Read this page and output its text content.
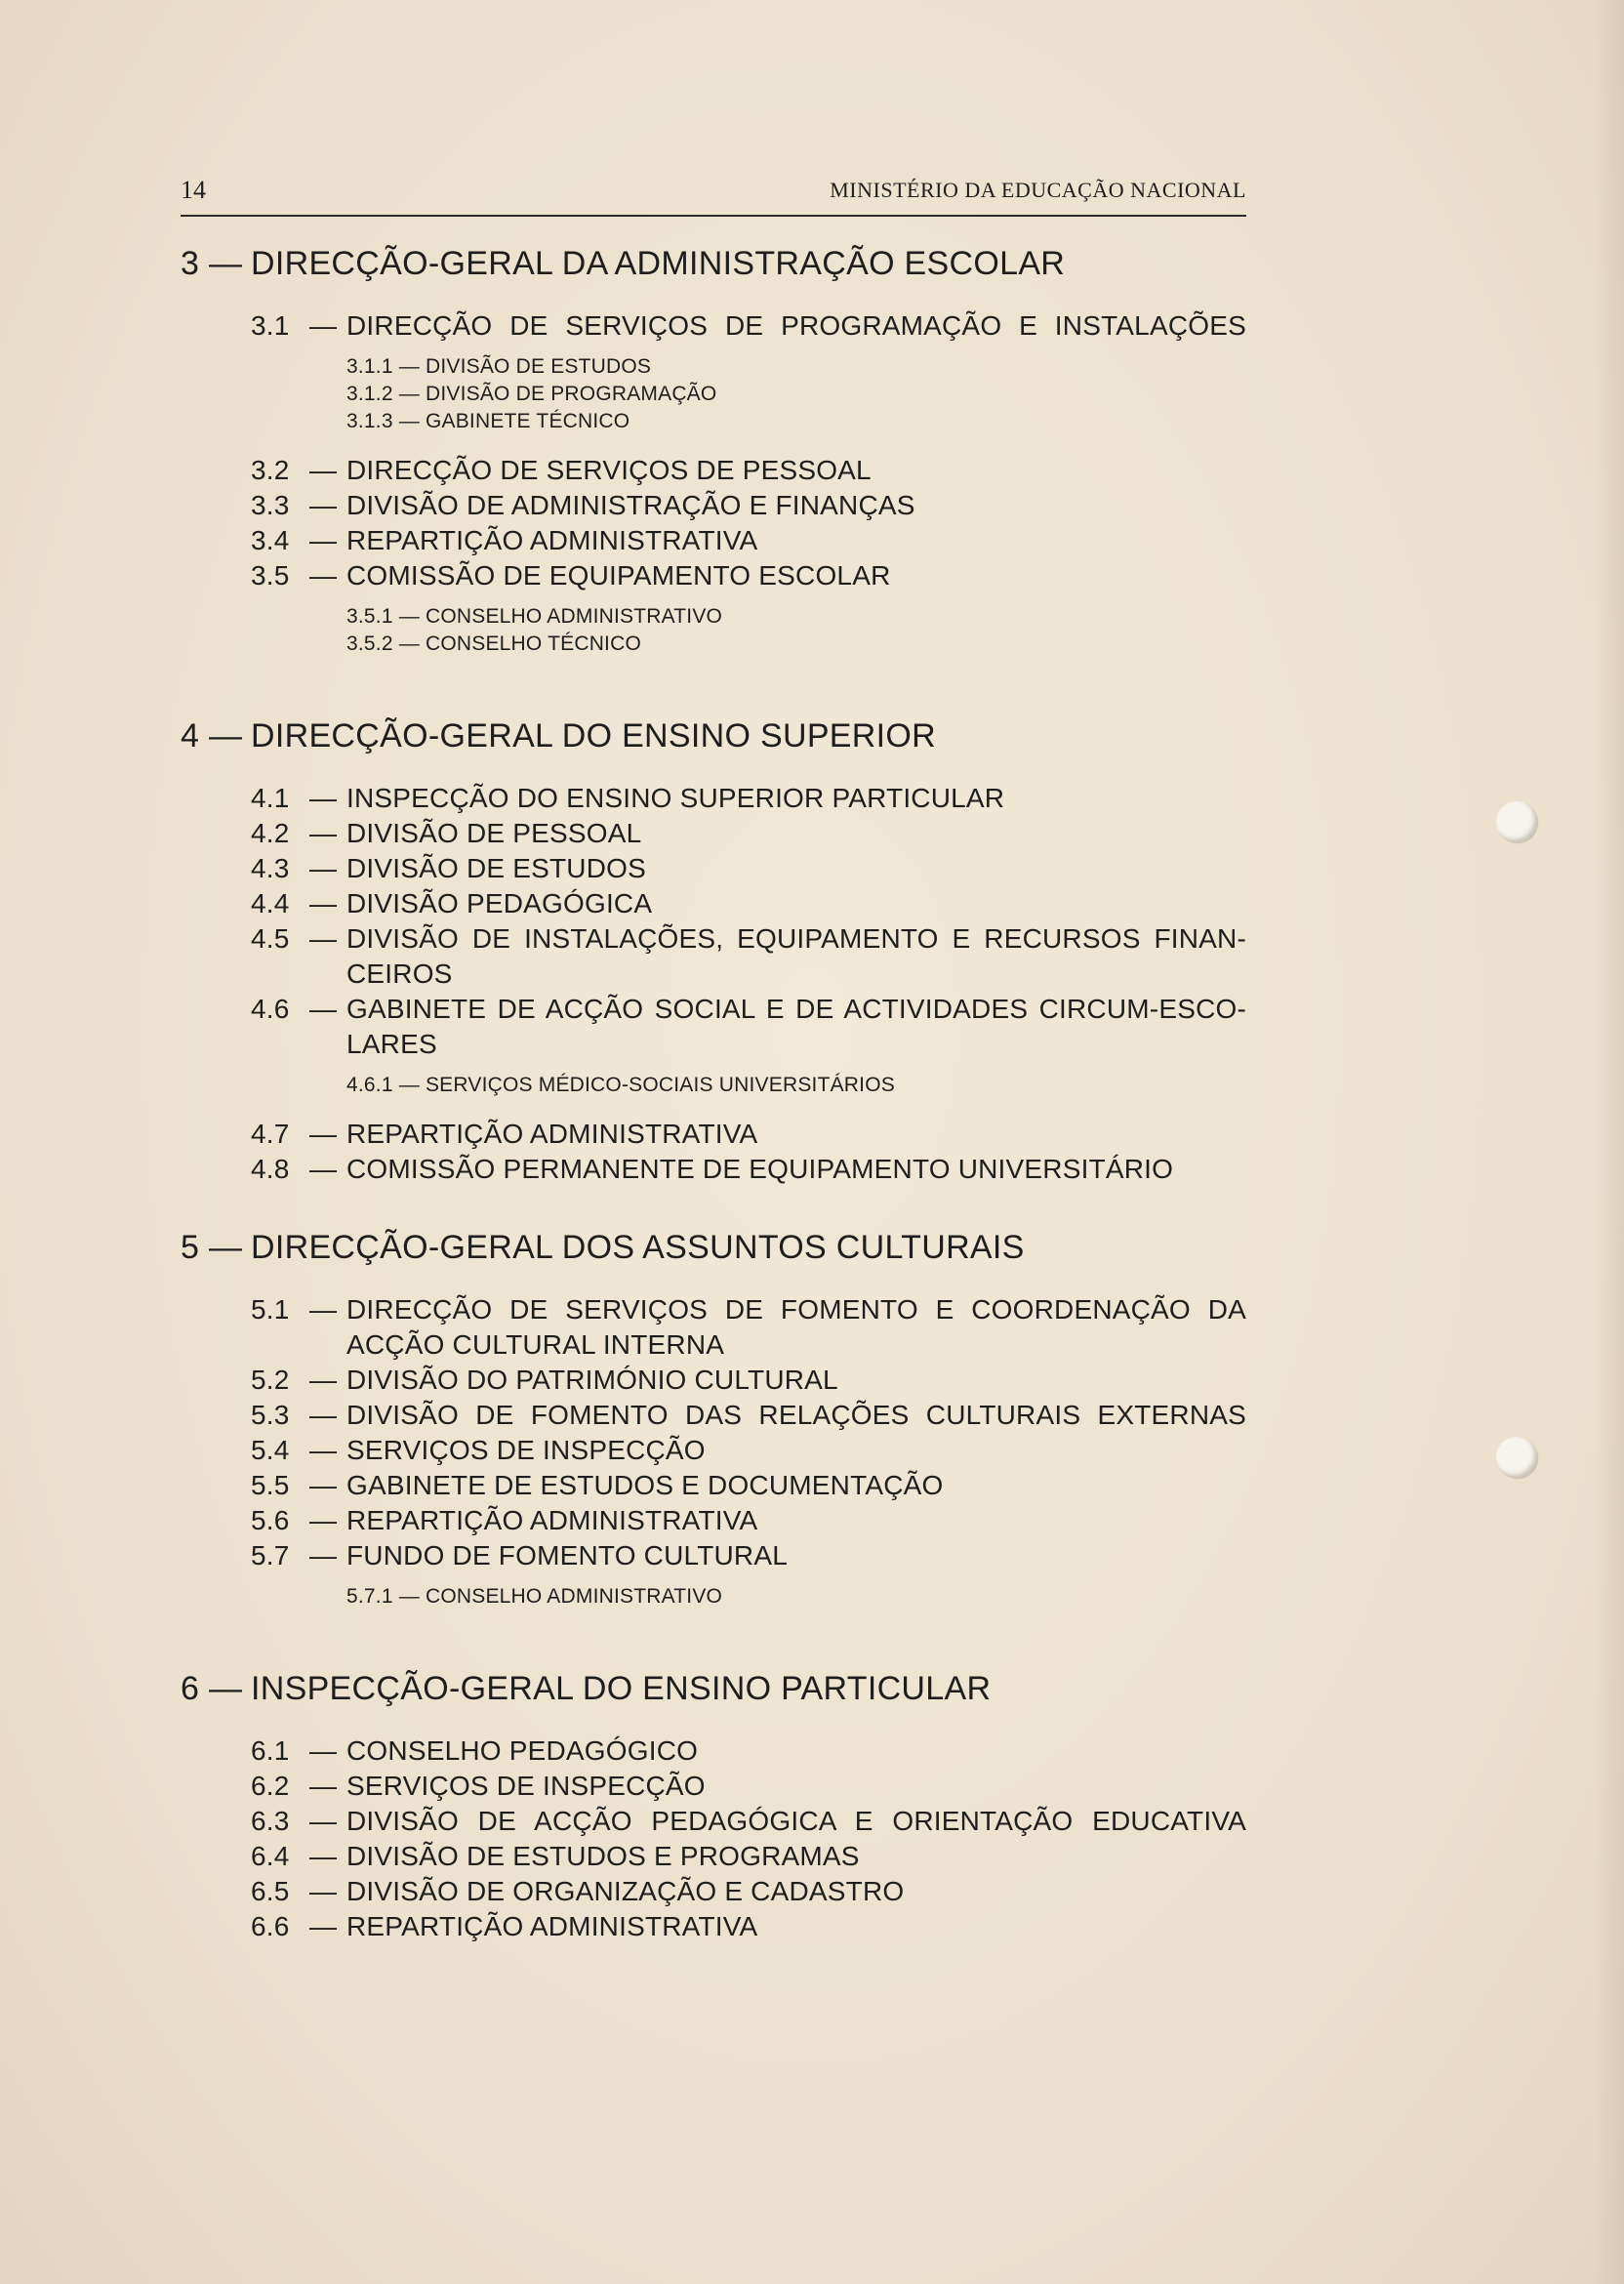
14	MINISTÉRIO DA EDUCAÇÃO NACIONAL
3 — DIRECÇÃO-GERAL DA ADMINISTRAÇÃO ESCOLAR
3.1 — DIRECÇÃO DE SERVIÇOS DE PROGRAMAÇÃO E INSTALAÇÕES
3.1.1 — DIVISÃO DE ESTUDOS
3.1.2 — DIVISÃO DE PROGRAMAÇÃO
3.1.3 — GABINETE TÉCNICO
3.2 — DIRECÇÃO DE SERVIÇOS DE PESSOAL
3.3 — DIVISÃO DE ADMINISTRAÇÃO E FINANÇAS
3.4 — REPARTIÇÃO ADMINISTRATIVA
3.5 — COMISSÃO DE EQUIPAMENTO ESCOLAR
3.5.1 — CONSELHO ADMINISTRATIVO
3.5.2 — CONSELHO TÉCNICO
4 — DIRECÇÃO-GERAL DO ENSINO SUPERIOR
4.1 — INSPECÇÃO DO ENSINO SUPERIOR PARTICULAR
4.2 — DIVISÃO DE PESSOAL
4.3 — DIVISÃO DE ESTUDOS
4.4 — DIVISÃO PEDAGÓGICA
4.5 — DIVISÃO DE INSTALAÇÕES, EQUIPAMENTO E RECURSOS FINAN-
CEIROS
4.6 — GABINETE DE ACÇÃO SOCIAL E DE ACTIVIDADES CIRCUM-ESCO-
LARES
4.6.1 — SERVIÇOS MÉDICO-SOCIAIS UNIVERSITÁRIOS
4.7 — REPARTIÇÃO ADMINISTRATIVA
4.8 — COMISSÃO PERMANENTE DE EQUIPAMENTO UNIVERSITÁRIO
5 — DIRECÇÃO-GERAL DOS ASSUNTOS CULTURAIS
5.1 — DIRECÇÃO DE SERVIÇOS DE FOMENTO E COORDENAÇÃO DA
ACÇÃO CULTURAL INTERNA
5.2 — DIVISÃO DO PATRIMÓNIO CULTURAL
5.3 — DIVISÃO DE FOMENTO DAS RELAÇÕES CULTURAIS EXTERNAS
5.4 — SERVIÇOS DE INSPECÇÃO
5.5 — GABINETE DE ESTUDOS E DOCUMENTAÇÃO
5.6 — REPARTIÇÃO ADMINISTRATIVA
5.7 — FUNDO DE FOMENTO CULTURAL
5.7.1 — CONSELHO ADMINISTRATIVO
6 — INSPECÇÃO-GERAL DO ENSINO PARTICULAR
6.1 — CONSELHO PEDAGÓGICO
6.2 — SERVIÇOS DE INSPECÇÃO
6.3 — DIVISÃO DE ACÇÃO PEDAGÓGICA E ORIENTAÇÃO EDUCATIVA
6.4 — DIVISÃO DE ESTUDOS E PROGRAMAS
6.5 — DIVISÃO DE ORGANIZAÇÃO E CADASTRO
6.6 — REPARTIÇÃO ADMINISTRATIVA
